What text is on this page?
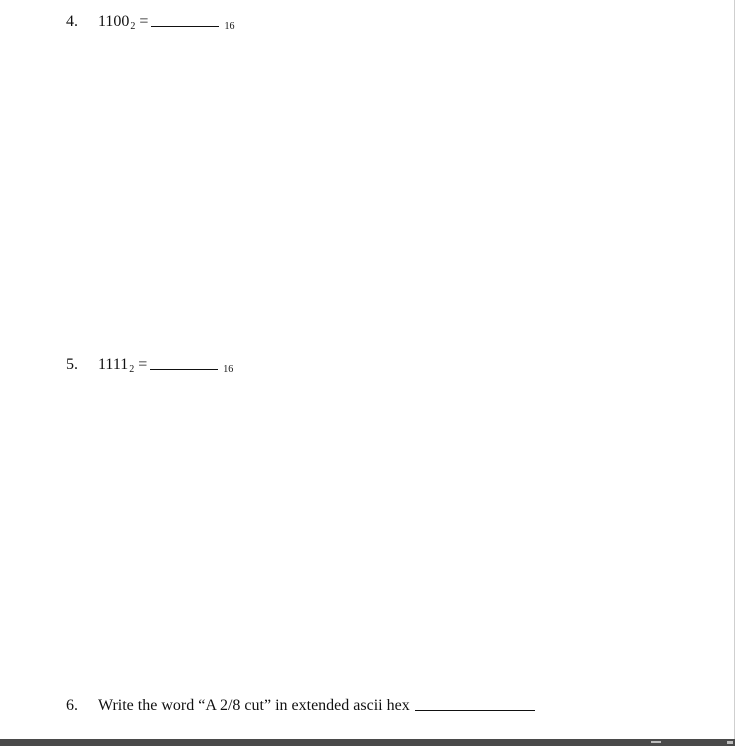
4. $1100_2$ =	16
5. $1111_2$ =	16
6. Write the word “A 2/8 cut” in extended ascii hex
